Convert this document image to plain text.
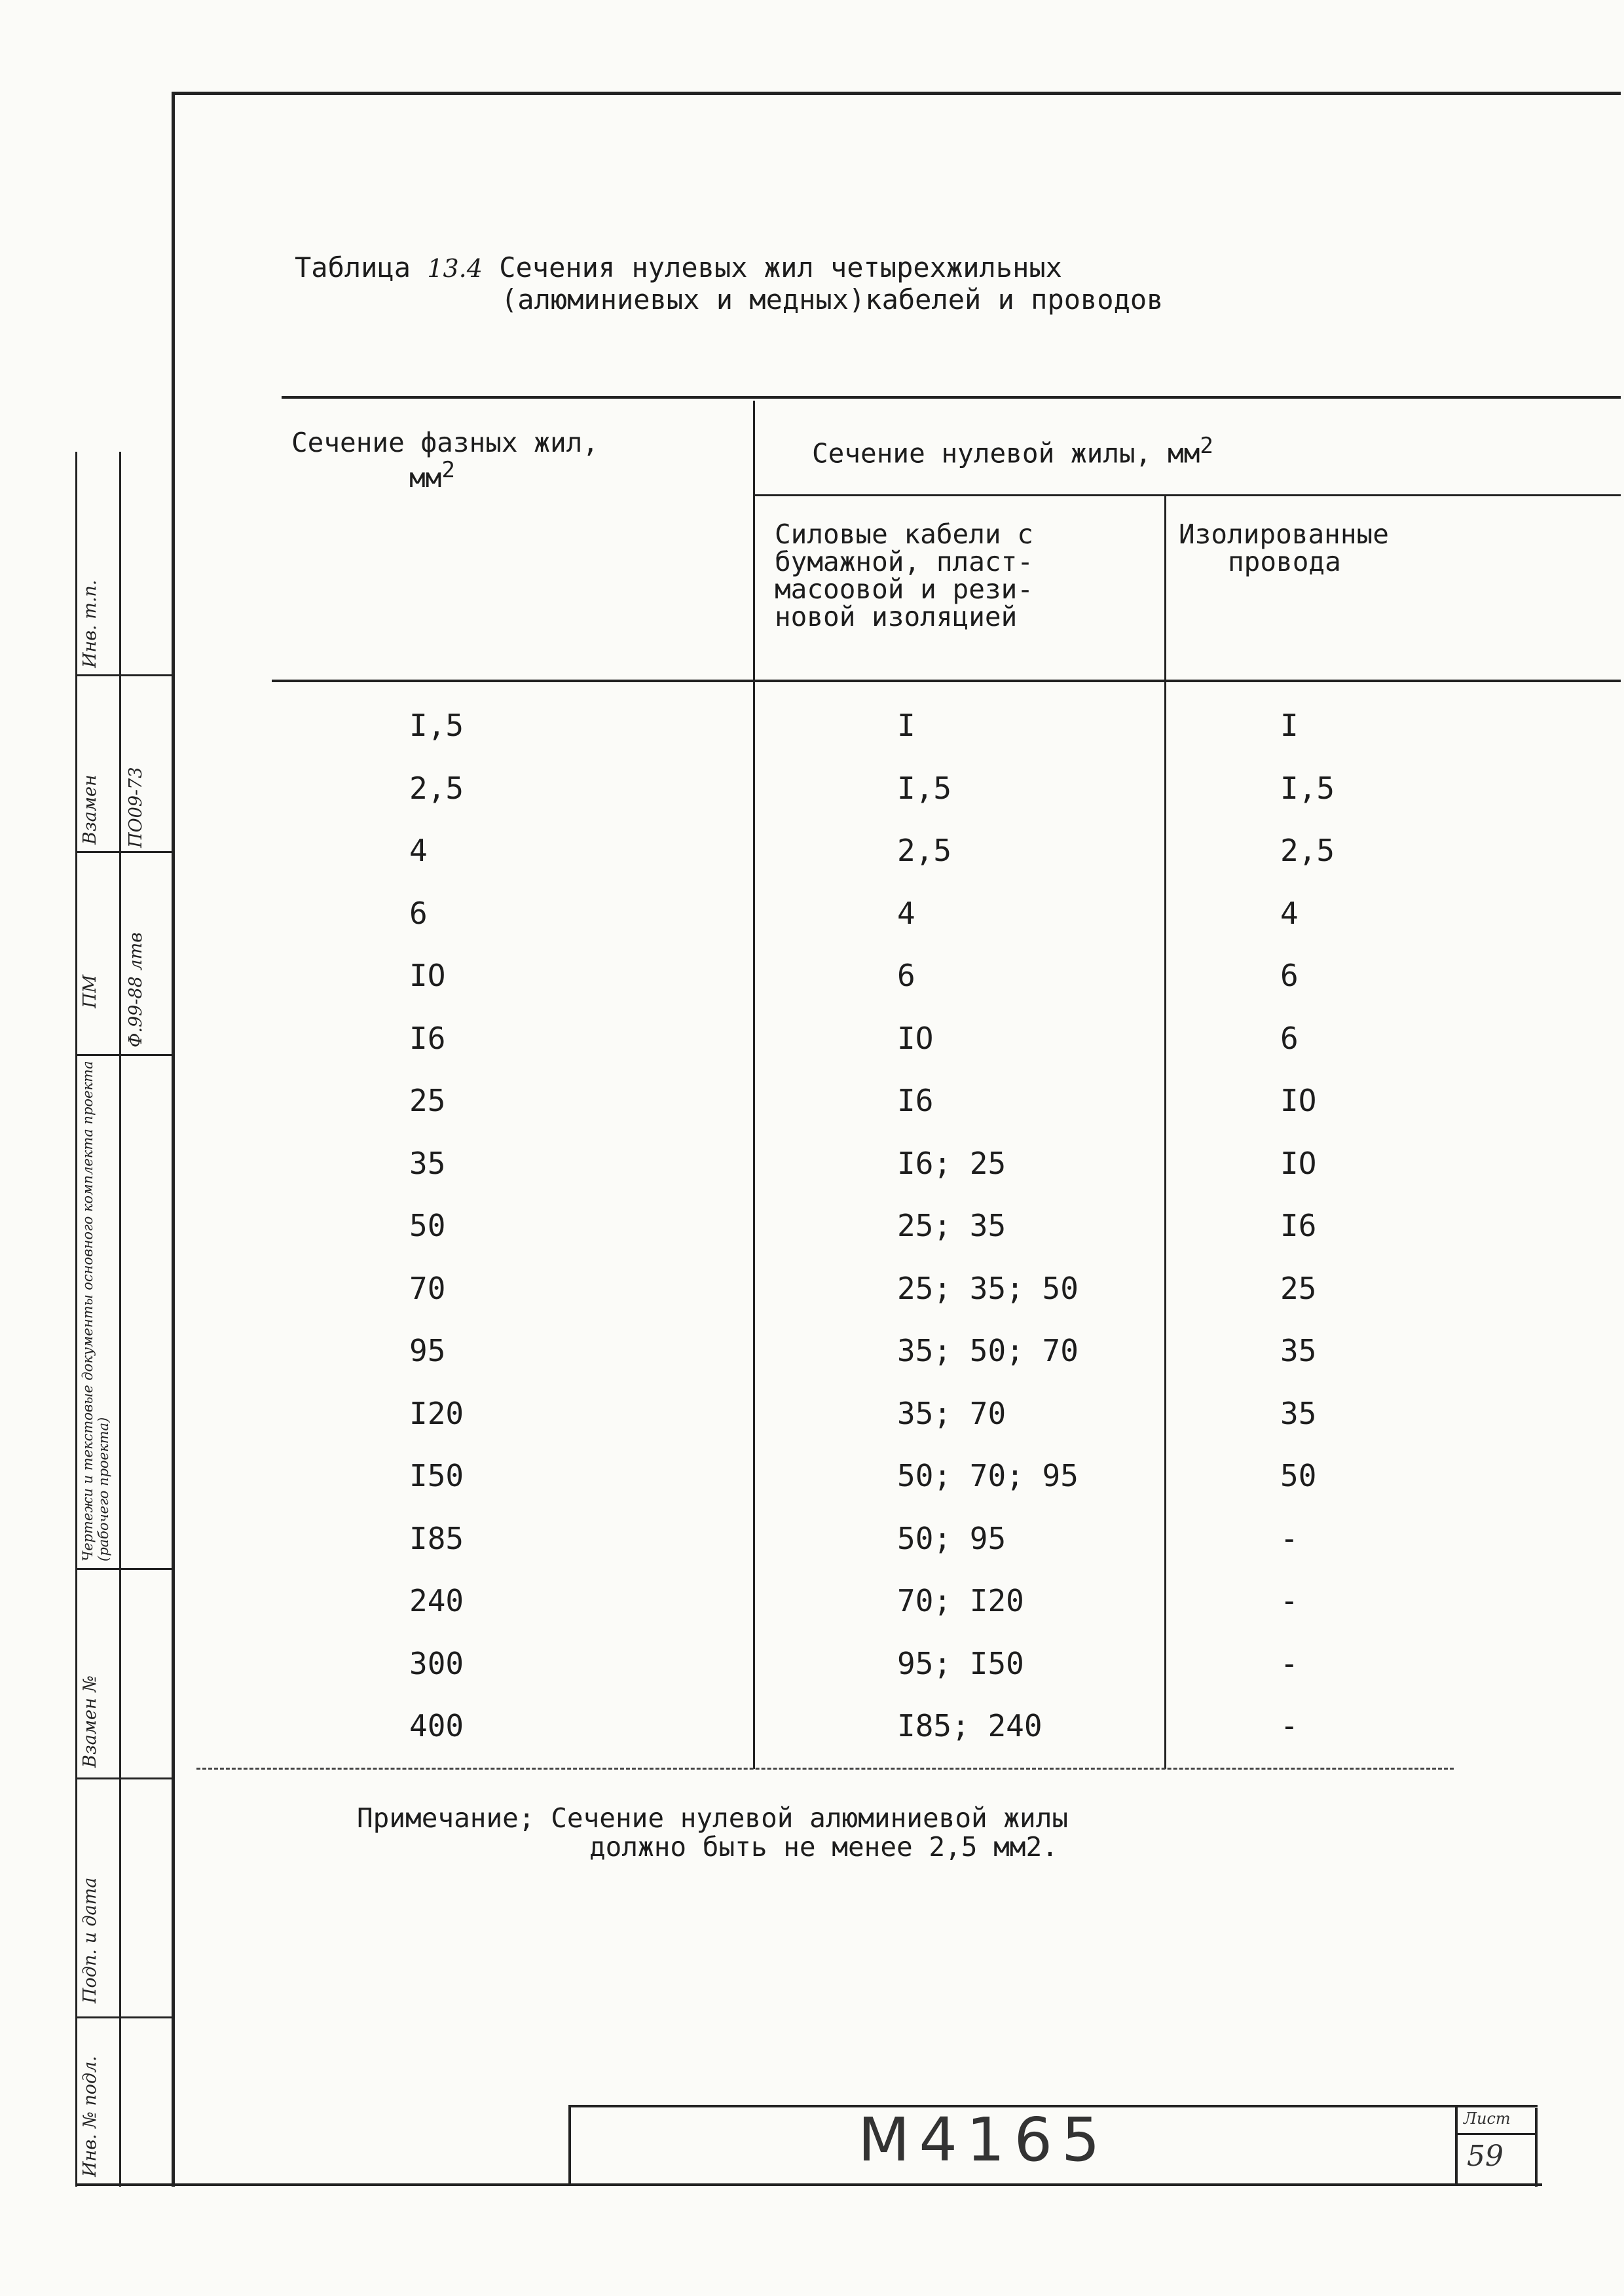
Таблица 13.4 Сечения нулевых жил четырехжильных
(алюминиевых и медных)кабелей и проводов
Сечение фазных жил,
$мм^2$
Сечение нулевой жилы, $мм^2$
Силовые кабели с
бумажной, пласт-
масоовой и рези-
новой изоляцией
Изолированные
провода
I,5	I	I
2,5	I,5	I,5
4	2,5	2,5
6	4	4
IO	6	6
I6	IO	6
25	I6	IO
35	I6; 25	IO
50	25; 35	I6
70	25; 35; 50	25
95	35; 50; 70	35
I20	35; 70	35
I50	50; 70; 95	50
I85	50; 95	-
240	70; I20	-
300	95; I50	-
400	I85; 240	-
Примечание; Сечение нулевой алюминиевой жилы
должно быть не менее 2,5 мм2.
Инв. № подл.
Подп. и дата
Взамен №
Чертежи и текстовые документы основного комплекта проекта (рабочего проекта)
ПМ
Взамен
Инв. т.п.
Ф.99-88 лтв
ПО09-73
М4165	Лист
59
